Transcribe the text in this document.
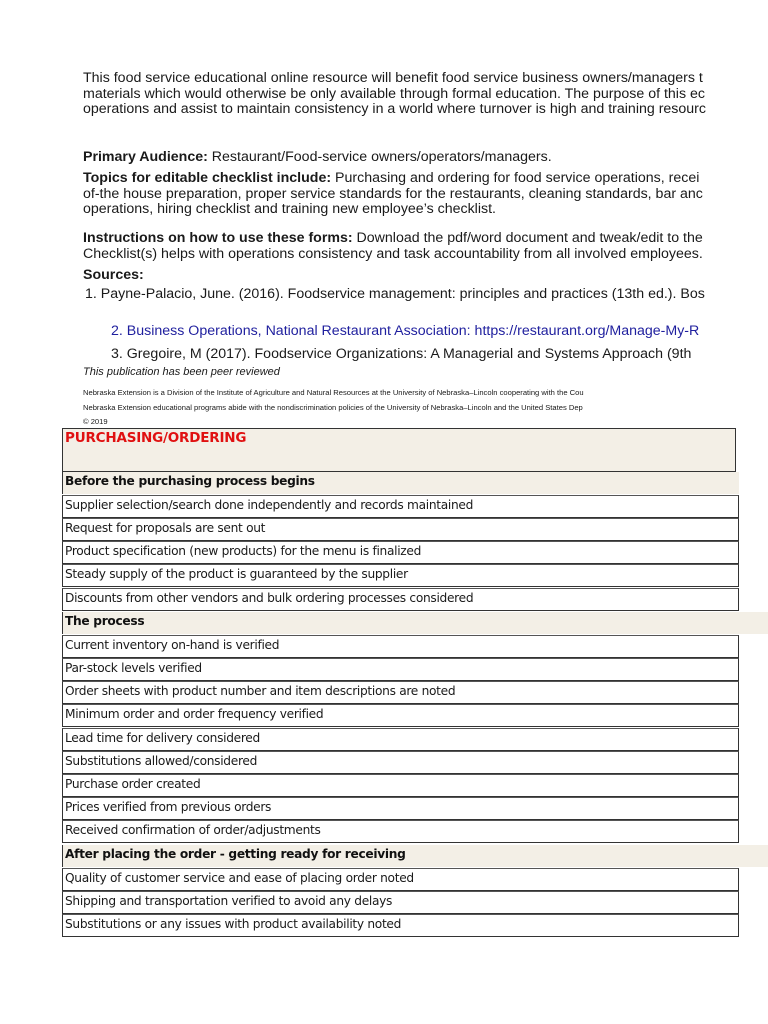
This food service educational online resource will benefit food service business owners/managers t
materials which would otherwise be only available through formal education. The purpose of this ec
operations and assist to maintain consistency in a world where turnover is high and training resourc
Primary Audience: Restaurant/Food-service owners/operators/managers.
Topics for editable checklist include: Purchasing and ordering for food service operations, recei
of-the house preparation, proper service standards for the restaurants, cleaning standards, bar anc
operations, hiring checklist and training new employee’s checklist.
Instructions on how to use these forms: Download the pdf/word document and tweak/edit to the
Checklist(s) helps with operations consistency and task accountability from all involved employees.
Sources:
1. Payne-Palacio, June. (2016). Foodservice management: principles and practices (13th ed.). Bos
2. Business Operations, National Restaurant Association: https://restaurant.org/Manage-My-R
3. Gregoire, M (2017). Foodservice Organizations: A Managerial and Systems Approach (9th
This publication has been peer reviewed
Nebraska Extension is a Division of the Institute of Agriculture and Natural Resources at the University of Nebraska–Lincoln cooperating with the Cou
Nebraska Extension educational programs abide with the nondiscrimination policies of the University of Nebraska–Lincoln and the United States Dep
© 2019
PURCHASING/ORDERING
Before the purchasing process begins
Supplier selection/search done independently and records maintained
Request for proposals are sent out
Product specification (new products) for the menu is finalized
Steady supply of the product is guaranteed by the supplier
Discounts from other vendors and bulk ordering processes considered
The process
Current inventory on-hand is verified
Par-stock levels verified
Order sheets with product number and item descriptions are noted
Minimum order and order frequency verified
Lead time for delivery considered
Substitutions allowed/considered
Purchase order created
Prices verified from previous orders
Received confirmation of order/adjustments
After placing the order - getting ready for receiving
Quality of customer service and ease of placing order noted
Shipping and transportation verified to avoid any delays
Substitutions or any issues with product availability noted
